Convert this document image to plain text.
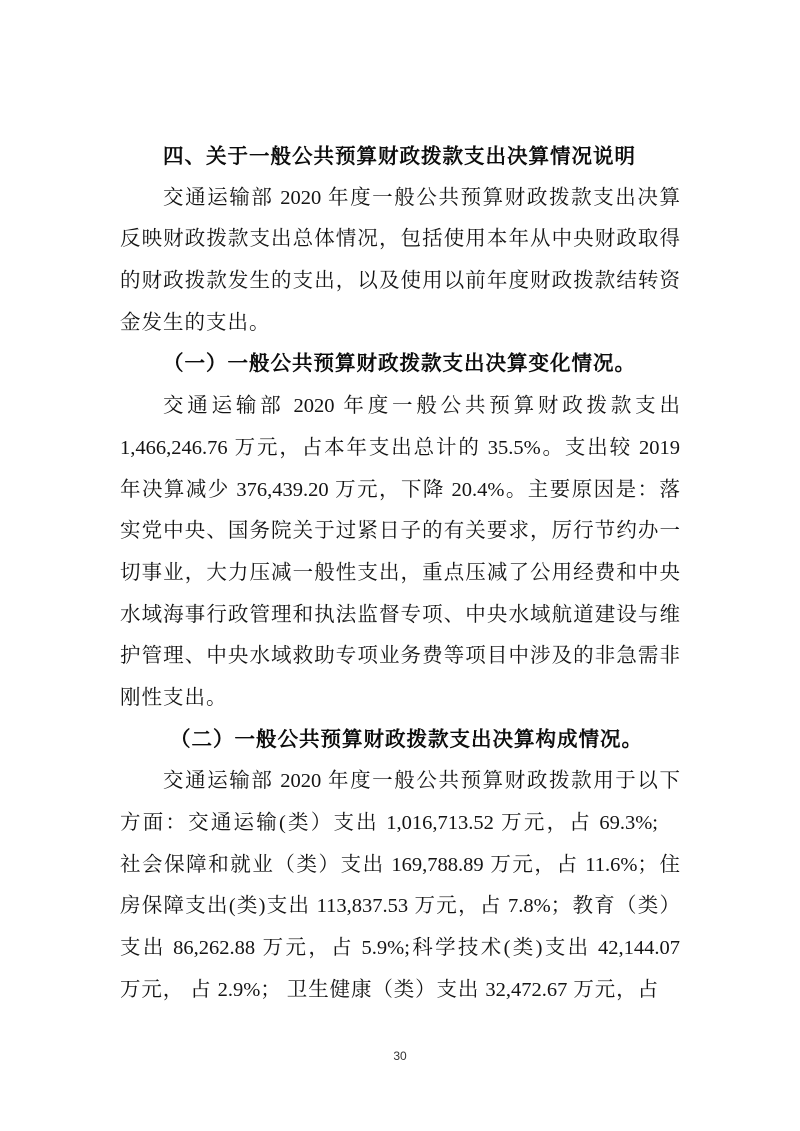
四、关于一般公共预算财政拨款支出决算情况说明
交通运输部 2020 年度一般公共预算财政拨款支出决算
反映财政拨款支出总体情况，包括使用本年从中央财政取得
的财政拨款发生的支出，以及使用以前年度财政拨款结转资
金发生的支出。
（一）一般公共预算财政拨款支出决算变化情况。
交通运输部 2020 年度一般公共预算财政拨款支出
1,466,246.76 万元，占本年支出总计的 35.5%。支出较 2019
年决算减少 376,439.20 万元，下降 20.4%。主要原因是：落
实党中央、国务院关于过紧日子的有关要求，厉行节约办一
切事业，大力压减一般性支出，重点压减了公用经费和中央
水域海事行政管理和执法监督专项、中央水域航道建设与维
护管理、中央水域救助专项业务费等项目中涉及的非急需非
刚性支出。
（二）一般公共预算财政拨款支出决算构成情况。
交通运输部 2020 年度一般公共预算财政拨款用于以下
方面：交通运输(类）支出 1,016,713.52 万元，占 69.3%;
社会保障和就业（类）支出 169,788.89 万元，占 11.6%；住
房保障支出(类)支出 113,837.53 万元，占 7.8%；教育（类）
支出 86,262.88 万元，占 5.9%;科学技术(类)支出 42,144.07
万元， 占 2.9%； 卫生健康（类）支出 32,472.67 万元，占
30
